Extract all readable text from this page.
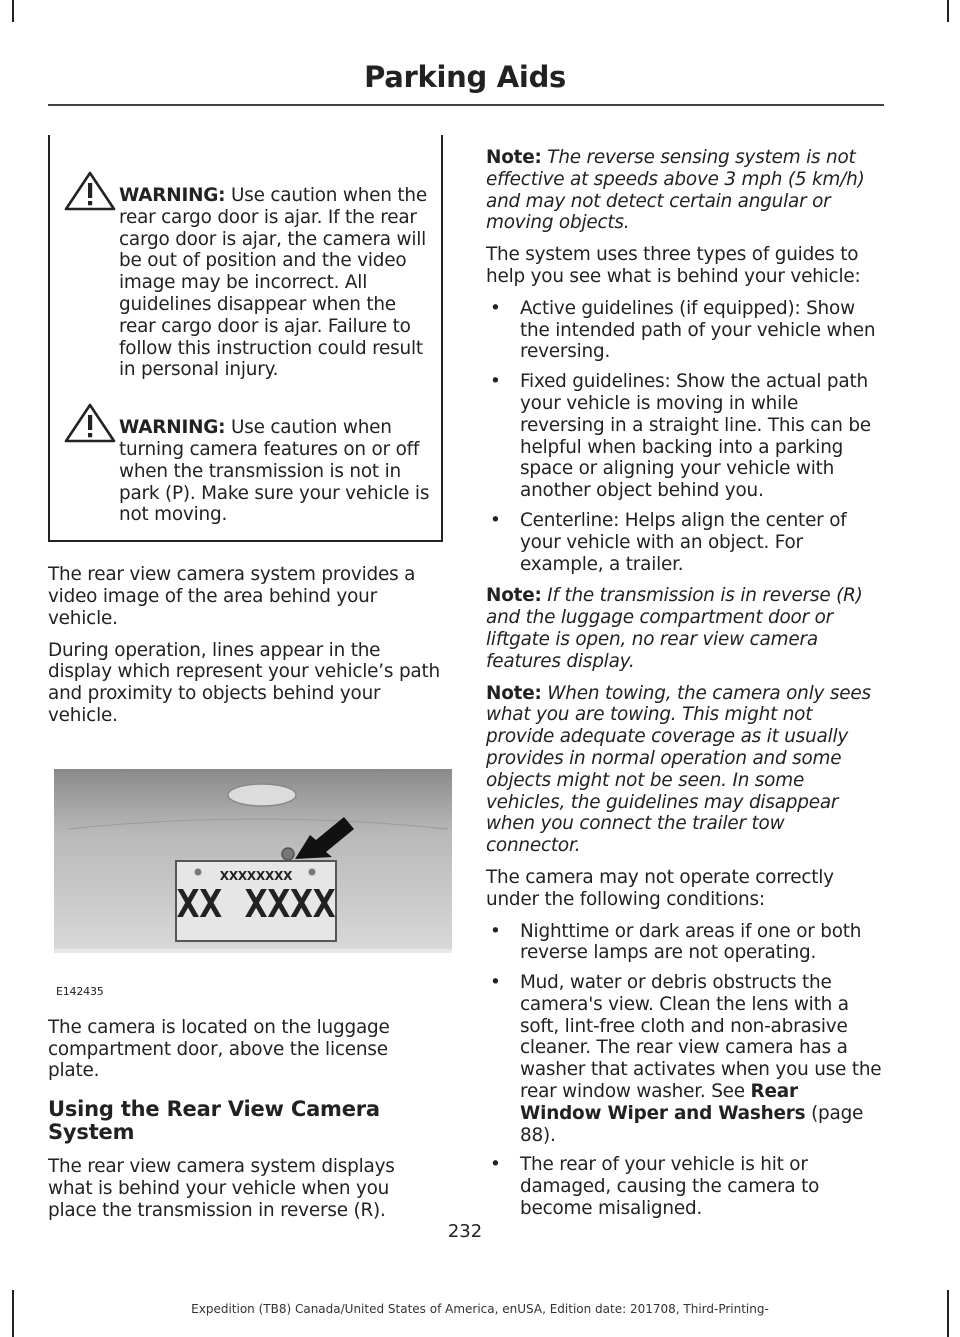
Parking Aids
WARNING: Use caution when the rear cargo door is ajar. If the rear cargo door is ajar, the camera will be out of position and the video image may be incorrect. All guidelines disappear when the rear cargo door is ajar. Failure to follow this instruction could result in personal injury.
WARNING: Use caution when turning camera features on or off when the transmission is not in park (P). Make sure your vehicle is not moving.

The rear view camera system provides a video image of the area behind your vehicle.

During operation, lines appear in the display which represent your vehicle’s path and proximity to objects behind your vehicle.

XXXXXXXX
XX XXXX
E142435

The camera is located on the luggage compartment door, above the license plate.

Using the Rear View Camera System

The rear view camera system displays what is behind your vehicle when you place the transmission in reverse (R).

Note: The reverse sensing system is not effective at speeds above 3 mph (5 km/h) and may not detect certain angular or moving objects.

The system uses three types of guides to help you see what is behind your vehicle:

• Active guidelines (if equipped): Show the intended path of your vehicle when reversing.
• Fixed guidelines: Show the actual path your vehicle is moving in while reversing in a straight line. This can be helpful when backing into a parking space or aligning your vehicle with another object behind you.
• Centerline: Helps align the center of your vehicle with an object. For example, a trailer.

Note: If the transmission is in reverse (R) and the luggage compartment door or liftgate is open, no rear view camera features display.

Note: When towing, the camera only sees what you are towing. This might not provide adequate coverage as it usually provides in normal operation and some objects might not be seen. In some vehicles, the guidelines may disappear when you connect the trailer tow connector.

The camera may not operate correctly under the following conditions:

• Nighttime or dark areas if one or both reverse lamps are not operating.
• Mud, water or debris obstructs the camera's view. Clean the lens with a soft, lint-free cloth and non-abrasive cleaner. The rear view camera has a washer that activates when you use the rear window washer. See Rear Window Wiper and Washers (page 88).
• The rear of your vehicle is hit or damaged, causing the camera to become misaligned.
232
Expedition (TB8) Canada/United States of America, enUSA, Edition date: 201708, Third-Printing-
